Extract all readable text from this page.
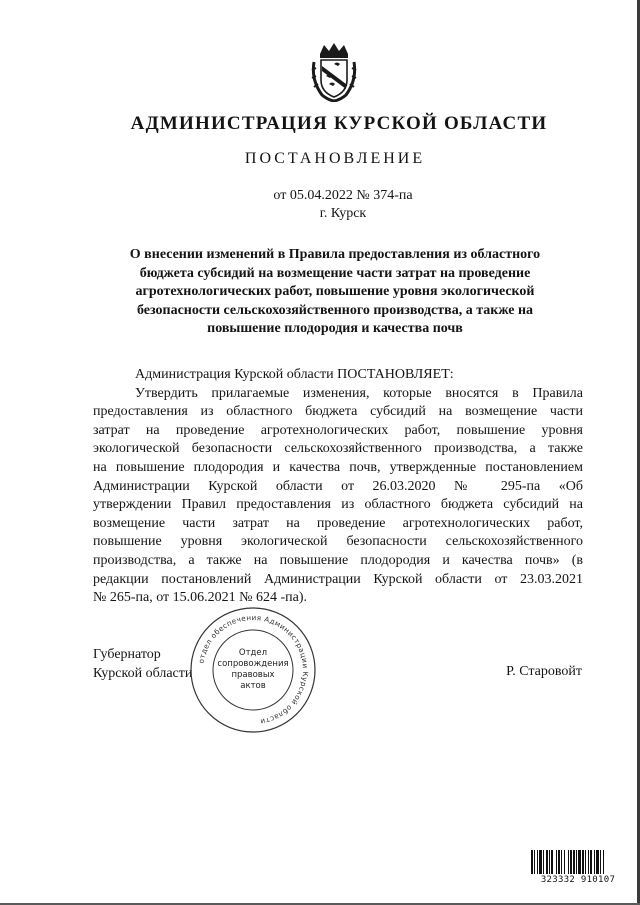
АДМИНИСТРАЦИЯ КУРСКОЙ ОБЛАСТИ
ПОСТАНОВЛЕНИЕ
от 05.04.2022 № 374-па
г. Курск
О внесении изменений в Правила предоставления из областного
бюджета субсидий на возмещение части затрат на проведение
агротехнологических работ, повышение уровня экологической
безопасности сельскохозяйственного производства, а также на
повышение плодородия и качества почв

Администрация Курской области ПОСТАНОВЛЯЕТ:

Утвердить прилагаемые изменения, которые вносятся в Правила
предоставления из областного бюджета субсидий на возмещение части
затрат на проведение агротехнологических работ, повышение уровня
экологической безопасности сельскохозяйственного производства, а также
на повышение плодородия и качества почв, утвержденные постановлением
Администрации Курской области от 26.03.2020 № 295-па «Об
утверждении Правил предоставления из областного бюджета субсидий на
возмещение части затрат на проведение агротехнологических работ,
повышение уровня экологической безопасности сельскохозяйственного
производства, а также на повышение плодородия и качества почв» (в
редакции постановлений Администрации Курской области от 23.03.2021
№ 265-па, от 15.06.2021 № 624 -па).

Губернатор
Курской области	Р. Старовойт
отдел обеспечения Администрации Курской области
Отдел
сопровождения
правовых
актов
323332 910107
